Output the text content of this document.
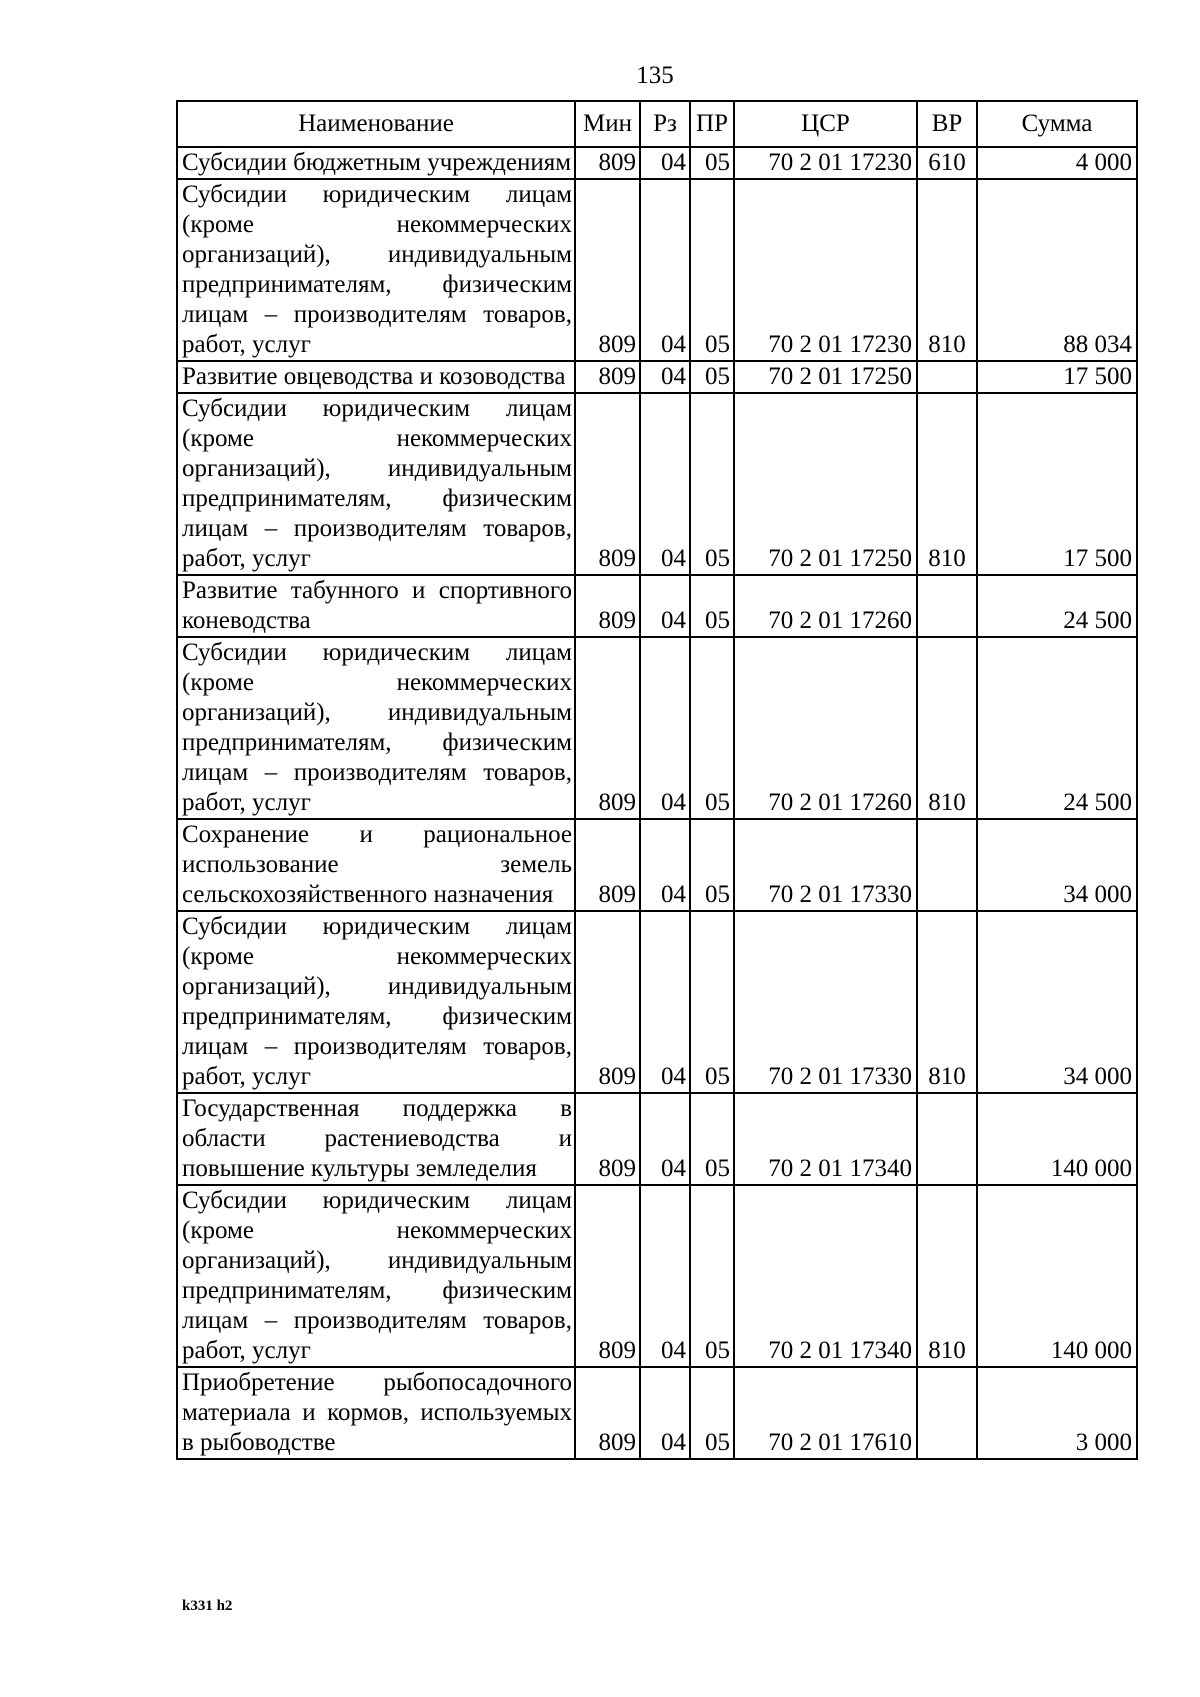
135
Наименование	Мин	Рз	ПР	ЦСР	ВР	Сумма
Субсидии бюджетным учреждениям	809	04	05	70 2 01 17230	610	4 000
Субсидии юридическим лицам (кроме некоммерческих организаций), индивидуальным предпринимателям, физическим лицам – производителям товаров, работ, услуг	809	04	05	70 2 01 17230	810	88 034
Развитие овцеводства и козоводства	809	04	05	70 2 01 17250		17 500
Субсидии юридическим лицам (кроме некоммерческих организаций), индивидуальным предпринимателям, физическим лицам – производителям товаров, работ, услуг	809	04	05	70 2 01 17250	810	17 500
Развитие табунного и спортивного коневодства	809	04	05	70 2 01 17260		24 500
Субсидии юридическим лицам (кроме некоммерческих организаций), индивидуальным предпринимателям, физическим лицам – производителям товаров, работ, услуг	809	04	05	70 2 01 17260	810	24 500
Сохранение и рациональное использование земель сельскохозяйственного назначения	809	04	05	70 2 01 17330		34 000
Субсидии юридическим лицам (кроме некоммерческих организаций), индивидуальным предпринимателям, физическим лицам – производителям товаров, работ, услуг	809	04	05	70 2 01 17330	810	34 000
Государственная поддержка в области растениеводства и повышение культуры земледелия	809	04	05	70 2 01 17340		140 000
Субсидии юридическим лицам (кроме некоммерческих организаций), индивидуальным предпринимателям, физическим лицам – производителям товаров, работ, услуг	809	04	05	70 2 01 17340	810	140 000
Приобретение рыбопосадочного материала и кормов, используемых в рыбоводстве	809	04	05	70 2 01 17610		3 000
k331 h2
